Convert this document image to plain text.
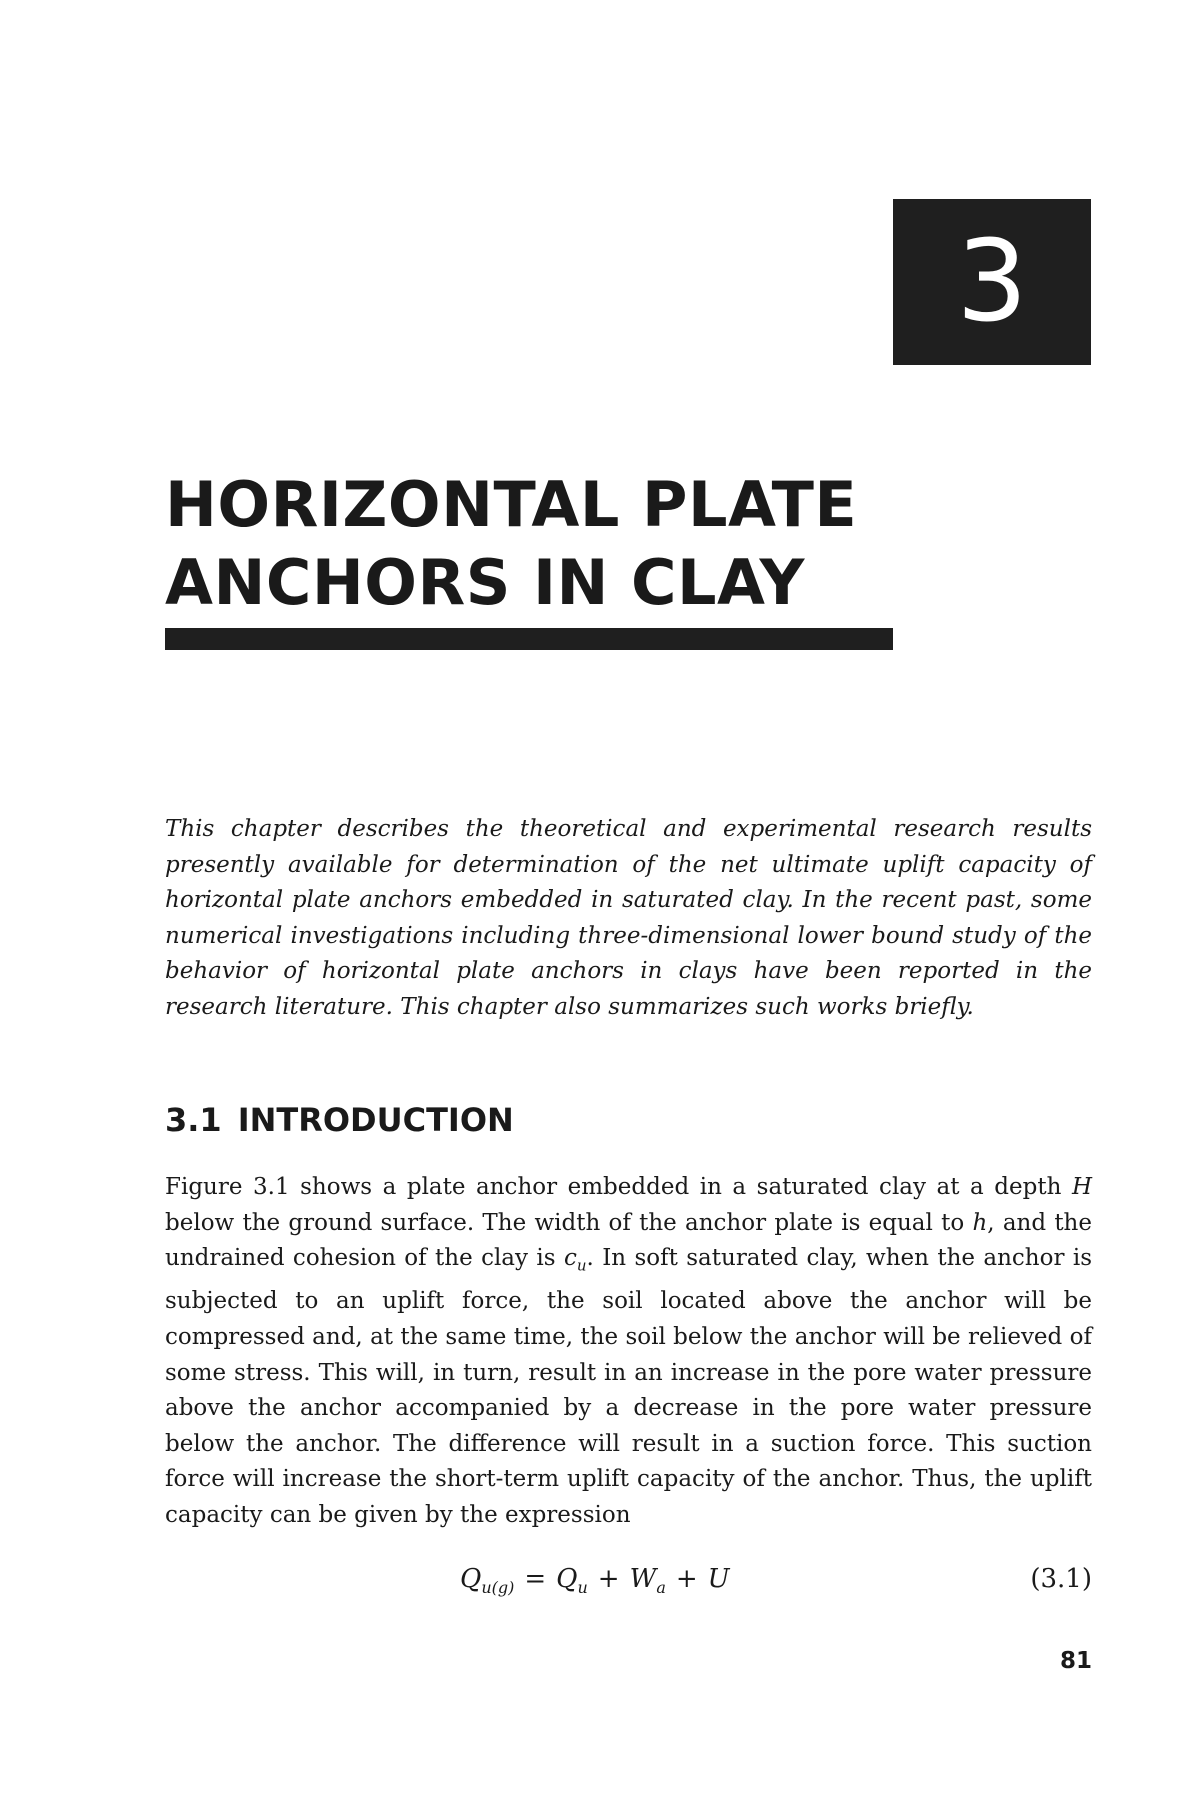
3
HORIZONTAL PLATE
ANCHORS IN CLAY

This chapter describes the theoretical and experimental research results presently available for determination of the net ultimate uplift capacity of horizontal plate anchors embedded in saturated clay. In the recent past, some numerical investigations including three-dimensional lower bound study of the behavior of horizontal plate anchors in clays have been reported in the research literature. This chapter also summarizes such works briefly.

3.1 INTRODUCTION

Figure 3.1 shows a plate anchor embedded in a saturated clay at a depth H below the ground surface. The width of the anchor plate is equal to h, and the undrained cohesion of the clay is $c_u$. In soft saturated clay, when the anchor is subjected to an uplift force, the soil located above the anchor will be compressed and, at the same time, the soil below the anchor will be relieved of some stress. This will, in turn, result in an increase in the pore water pressure above the anchor accompanied by a decrease in the pore water pressure below the anchor. The difference will result in a suction force. This suction force will increase the short-term uplift capacity of the anchor. Thus, the uplift capacity can be given by the expression

$Q_{u(g)} = Q_u + W_a + U$	(3.1)
81
